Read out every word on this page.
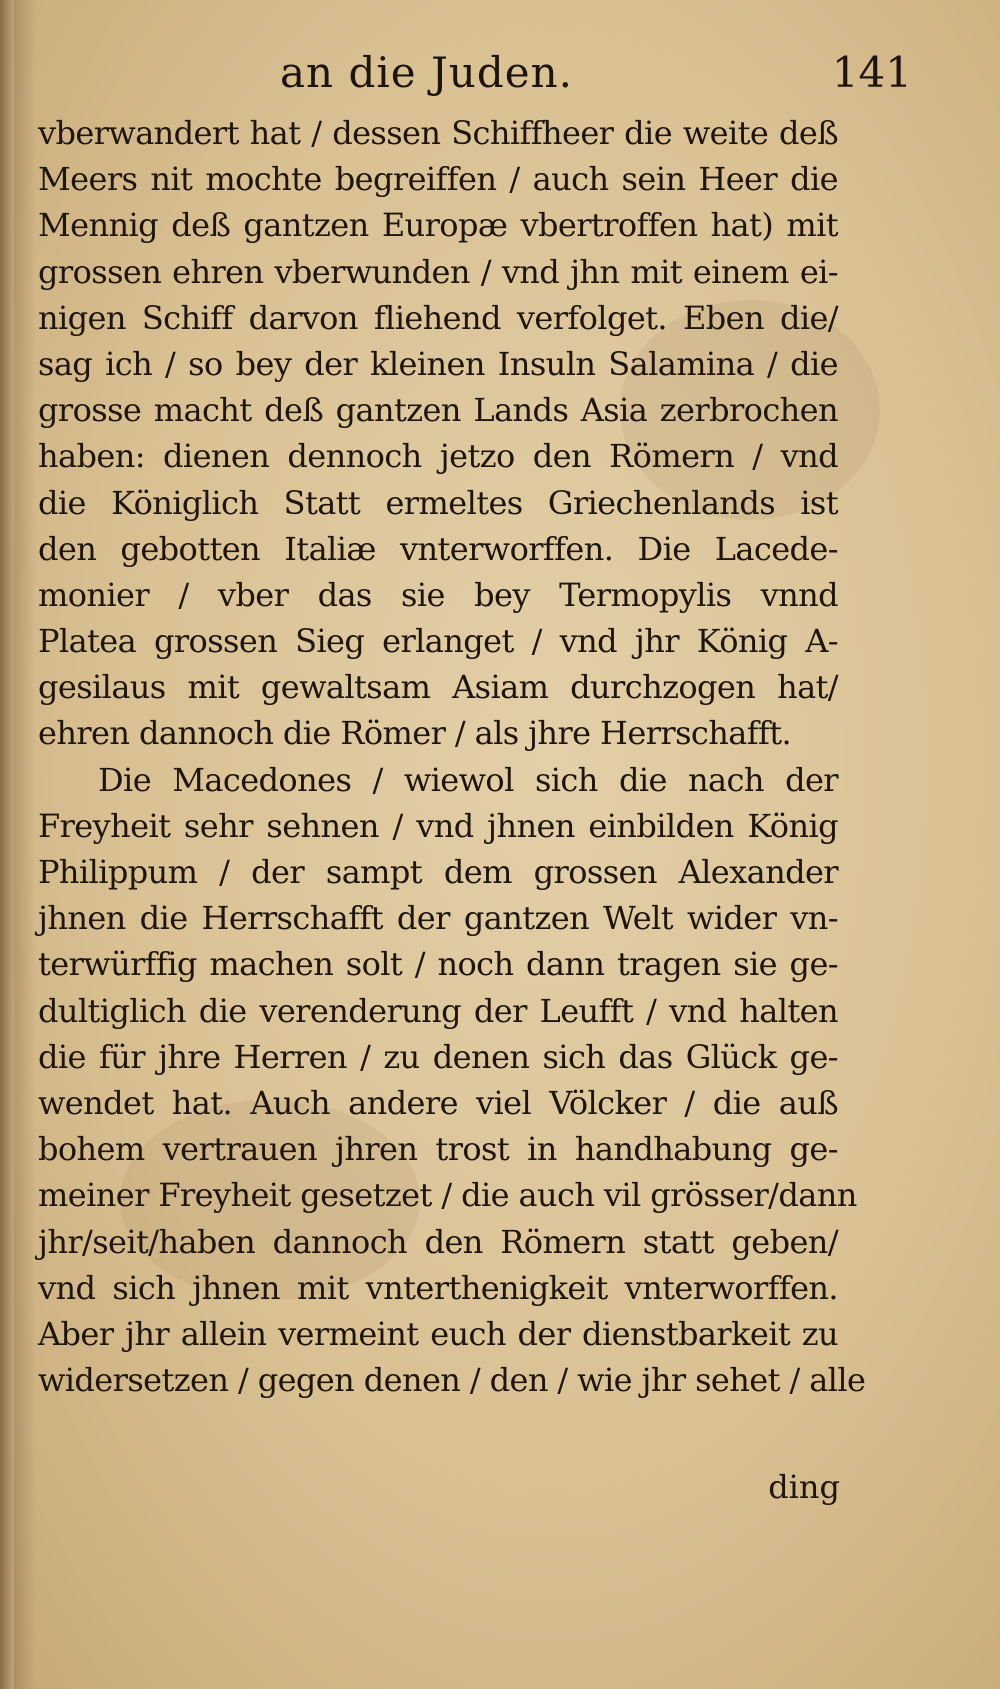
an die Juden.	141
vberwandert hat / dessen Schiffheer die weite deß
Meers nit mochte begreiffen / auch sein Heer die
Mennig deß gantzen Europæ vbertroffen hat) mit
grossen ehren vberwunden / vnd jhn mit einem ei-
nigen Schiff darvon fliehend verfolget. Eben die/
sag ich / so bey der kleinen Insuln Salamina / die
grosse macht deß gantzen Lands Asia zerbrochen
haben: dienen dennoch jetzo den Römern / vnd
die Königlich Statt ermeltes Griechenlands ist
den gebotten Italiæ vnterworffen. Die Lacede-
monier / vber das sie bey Termopylis vnnd
Platea grossen Sieg erlanget / vnd jhr König A-
gesilaus mit gewaltsam Asiam durchzogen hat/
ehren dannoch die Römer / als jhre Herrschafft.
Die Macedones / wiewol sich die nach der
Freyheit sehr sehnen / vnd jhnen einbilden König
Philippum / der sampt dem grossen Alexander
jhnen die Herrschafft der gantzen Welt wider vn-
terwürffig machen solt / noch dann tragen sie ge-
dultiglich die verenderung der Leufft / vnd halten
die für jhre Herren / zu denen sich das Glück ge-
wendet hat. Auch andere viel Völcker / die auß
bohem vertrauen jhren trost in handhabung ge-
meiner Freyheit gesetzet / die auch vil grösser/dann
jhr/seit/haben dannoch den Römern statt geben/
vnd sich jhnen mit vnterthenigkeit vnterworffen.
Aber jhr allein vermeint euch der dienstbarkeit zu
widersetzen / gegen denen / den / wie jhr sehet / alle
ding
